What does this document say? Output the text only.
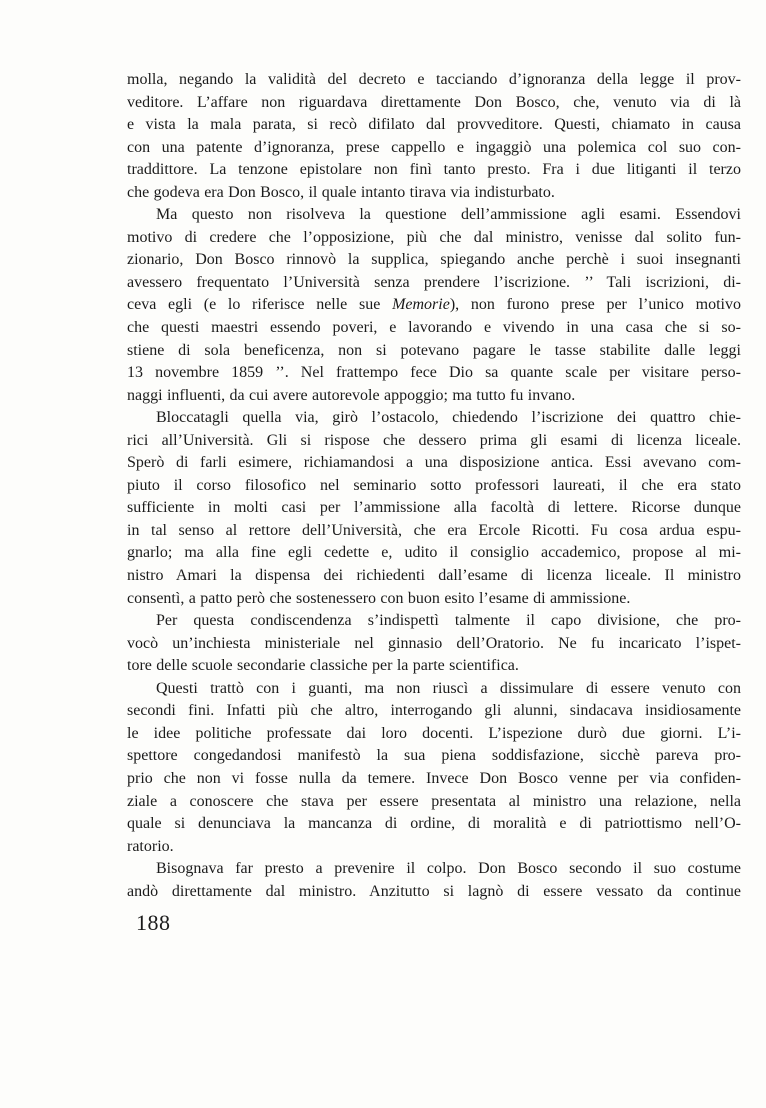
molla, negando la validità del decreto e tacciando d’ignoranza della legge il prov-
veditore. L’affare non riguardava direttamente Don Bosco, che, venuto via di là
e vista la mala parata, si recò difilato dal provveditore. Questi, chiamato in causa
con una patente d’ignoranza, prese cappello e ingaggiò una polemica col suo con-
traddittore. La tenzone epistolare non finì tanto presto. Fra i due litiganti il terzo
che godeva era Don Bosco, il quale intanto tirava via indisturbato.
Ma questo non risolveva la questione dell’ammissione agli esami. Essendovi
motivo di credere che l’opposizione, più che dal ministro, venisse dal solito fun-
zionario, Don Bosco rinnovò la supplica, spiegando anche perchè i suoi insegnanti
avessero frequentato l’Università senza prendere l’iscrizione. ’’ Tali iscrizioni, di-
ceva egli (e lo riferisce nelle sue Memorie), non furono prese per l’unico motivo
che questi maestri essendo poveri, e lavorando e vivendo in una casa che si so-
stiene di sola beneficenza, non si potevano pagare le tasse stabilite dalle leggi
13 novembre 1859 ’’. Nel frattempo fece Dio sa quante scale per visitare perso-
naggi influenti, da cui avere autorevole appoggio; ma tutto fu invano.
Bloccatagli quella via, girò l’ostacolo, chiedendo l’iscrizione dei quattro chie-
rici all’Università. Gli si rispose che dessero prima gli esami di licenza liceale.
Sperò di farli esimere, richiamandosi a una disposizione antica. Essi avevano com-
piuto il corso filosofico nel seminario sotto professori laureati, il che era stato
sufficiente in molti casi per l’ammissione alla facoltà di lettere. Ricorse dunque
in tal senso al rettore dell’Università, che era Ercole Ricotti. Fu cosa ardua espu-
gnarlo; ma alla fine egli cedette e, udito il consiglio accademico, propose al mi-
nistro Amari la dispensa dei richiedenti dall’esame di licenza liceale. Il ministro
consentì, a patto però che sostenessero con buon esito l’esame di ammissione.
Per questa condiscendenza s’indispettì talmente il capo divisione, che pro-
vocò un’inchiesta ministeriale nel ginnasio dell’Oratorio. Ne fu incaricato l’ispet-
tore delle scuole secondarie classiche per la parte scientifica.
Questi trattò con i guanti, ma non riuscì a dissimulare di essere venuto con
secondi fini. Infatti più che altro, interrogando gli alunni, sindacava insidiosamente
le idee politiche professate dai loro docenti. L’ispezione durò due giorni. L’i-
spettore congedandosi manifestò la sua piena soddisfazione, sicchè pareva pro-
prio che non vi fosse nulla da temere. Invece Don Bosco venne per via confiden-
ziale a conoscere che stava per essere presentata al ministro una relazione, nella
quale si denunciava la mancanza di ordine, di moralità e di patriottismo nell’O-
ratorio.
Bisognava far presto a prevenire il colpo. Don Bosco secondo il suo costume
andò direttamente dal ministro. Anzitutto si lagnò di essere vessato da continue
188
